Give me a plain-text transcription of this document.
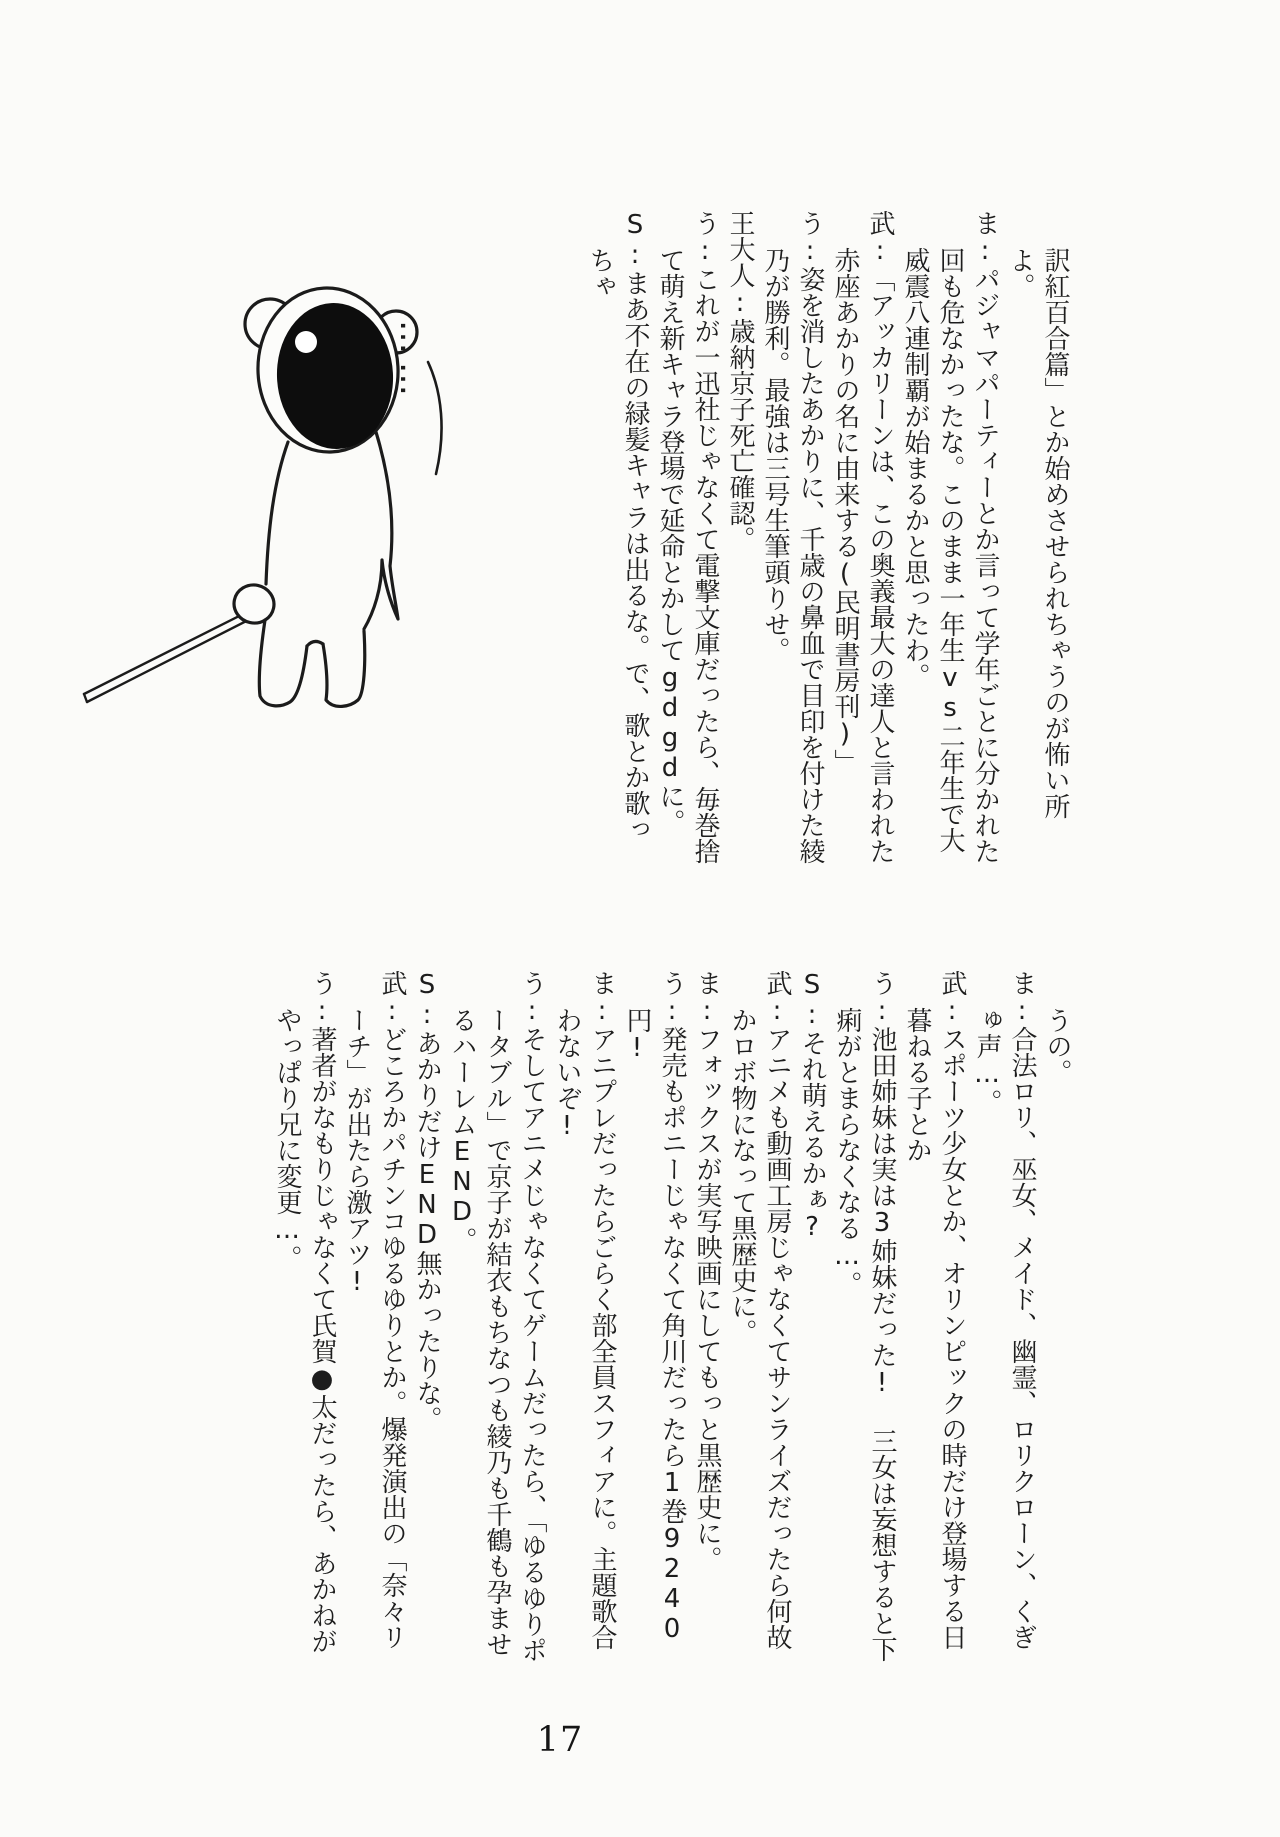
訳紅百合篇」とか始めさせられちゃうのが怖い所よ。

ま:パジャマパーティーとか言って学年ごとに分かれた回も危なかったな。このまま一年生vs二年生で大威震八連制覇が始まるかと思ったわ。

武:「アッカリーンは、この奥義最大の達人と言われた赤座あかりの名に由来する(民明書房刊)」

う:姿を消したあかりに、千歳の鼻血で目印を付けた綾乃が勝利。最強は三号生筆頭りせ。

王大人:歳納京子死亡確認。

う:これが一迅社じゃなくて電撃文庫だったら、毎巻捨て萌え新キャラ登場で延命とかしてgdgdに。

S:まあ不在の緑髪キャラは出るな。で、歌とか歌っちゃ

……

うの。

ま:合法ロリ、巫女、メイド、幽霊、ロリクローン、くぎゅ声…。

武:スポーツ少女とか、オリンピックの時だけ登場する日暮ねる子とか

う:池田姉妹は実は3姉妹だった! 三女は妄想すると下痢がとまらなくなる…。

S:それ萌えるかぁ?

武:アニメも動画工房じゃなくてサンライズだったら何故かロボ物になって黒歴史に。

ま:フォックスが実写映画にしてもっと黒歴史に。

う:発売もポニーじゃなくて角川だったら1巻9240円!

ま:アニプレだったらごらく部全員スフィアに。主題歌合わないぞ!

う:そしてアニメじゃなくてゲームだったら、「ゆるゆりポータブル」で京子が結衣もちなつも綾乃も千鶴も孕ませるハーレムEND。

S:あかりだけEND無かったりな。

武:どころかパチンコゆるゆりとか。爆発演出の「奈々リーチ」が出たら激アツ!

う:著者がなもりじゃなくて氏賀●太だったら、あかねがやっぱり兄に変更…。

17
